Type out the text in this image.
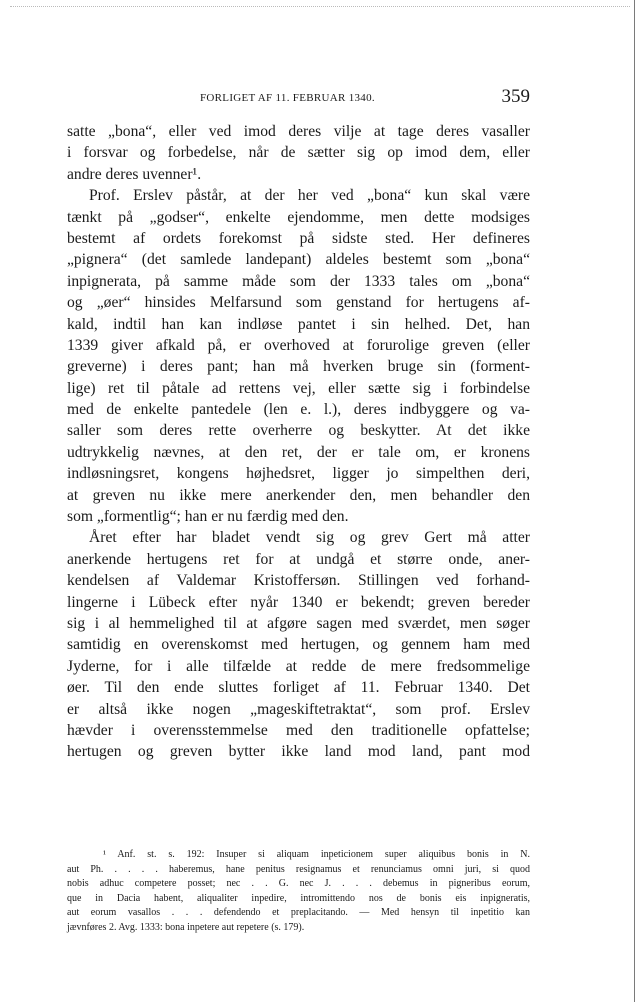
FORLIGET AF 11. FEBRUAR 1340.	359
satte „bona“, eller ved imod deres vilje at tage deres vasaller
i forsvar og forbedelse, når de sætter sig op imod dem, eller
andre deres uvenner¹.
Prof. Erslev påstår, at der her ved „bona“ kun skal være
tænkt på „godser“, enkelte ejendomme, men dette modsiges
bestemt af ordets forekomst på sidste sted. Her defineres
„pignera“ (det samlede landepant) aldeles bestemt som „bona“
inpignerata, på samme måde som der 1333 tales om „bona“
og „øer“ hinsides Melfarsund som genstand for hertugens af-
kald, indtil han kan indløse pantet i sin helhed. Det, han
1339 giver afkald på, er overhoved at forurolige greven (eller
greverne) i deres pant; han må hverken bruge sin (forment-
lige) ret til påtale ad rettens vej, eller sætte sig i forbindelse
med de enkelte pantedele (len e. l.), deres indbyggere og va-
saller som deres rette overherre og beskytter. At det ikke
udtrykkelig nævnes, at den ret, der er tale om, er kronens
indløsningsret, kongens højhedsret, ligger jo simpelthen deri,
at greven nu ikke mere anerkender den, men behandler den
som „formentlig“; han er nu færdig med den.
Året efter har bladet vendt sig og grev Gert må atter
anerkende hertugens ret for at undgå et større onde, aner-
kendelsen af Valdemar Kristoffersøn. Stillingen ved forhand-
lingerne i Lübeck efter nyår 1340 er bekendt; greven bereder
sig i al hemmelighed til at afgøre sagen med sværdet, men søger
samtidig en overenskomst med hertugen, og gennem ham med
Jyderne, for i alle tilfælde at redde de mere fredsommelige
øer. Til den ende sluttes forliget af 11. Februar 1340. Det
er altså ikke nogen „mageskiftetraktat“, som prof. Erslev
hævder i overensstemmelse med den traditionelle opfattelse;
hertugen og greven bytter ikke land mod land, pant mod
¹ Anf. st. s. 192: Insuper si aliquam inpeticionem super aliquibus bonis in N.
aut Ph. . . . . haberemus, hane penitus resignamus et renunciamus omni juri, si quod
nobis adhuc competere posset; nec . . G. nec J. . . . debemus in pigneribus eorum,
que in Dacia habent, aliqualiter inpedire, intromittendo nos de bonis eis inpigneratis,
aut eorum vasallos . . . defendendo et preplacitando. — Med hensyn til inpetitio kan
jævnføres 2. Avg. 1333: bona inpetere aut repetere (s. 179).
